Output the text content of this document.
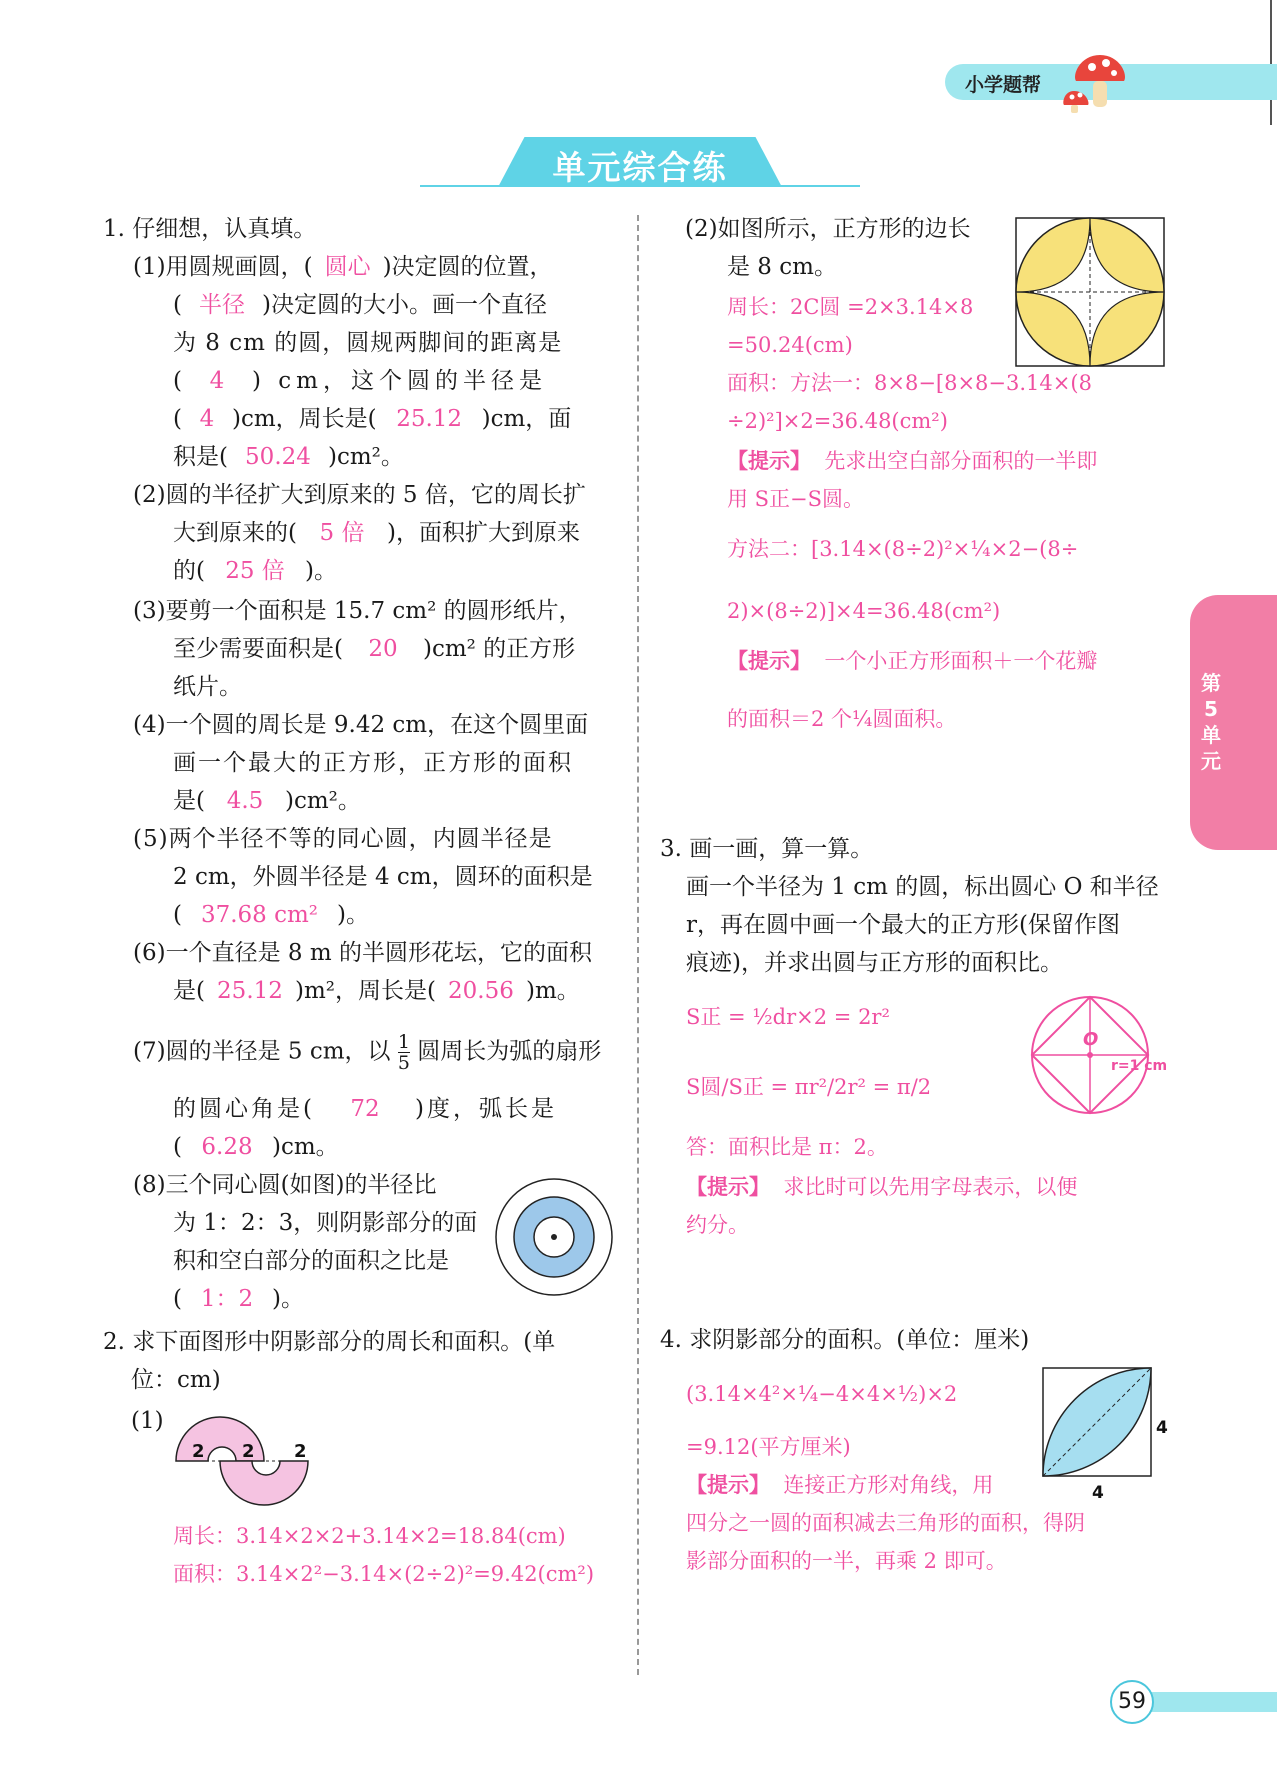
小学题帮
单元综合练
第5单元
1. 仔细想，认真填。
(1)用圆规画圆，( 圆心 )决定圆的位置，
( 半径 )决定圆的大小。画一个直径
为 8 cm 的圆，圆规两脚间的距离是
( 4 ) cm，这个圆的半径是
( 4 )cm，周长是( 25.12 )cm，面
积是( 50.24 )cm²。
(2)圆的半径扩大到原来的 5 倍，它的周长扩
大到原来的( 5 倍 )，面积扩大到原来
的( 25 倍 )。
(3)要剪一个面积是 15.7 cm² 的圆形纸片，
至少需要面积是( 20 )cm² 的正方形
纸片。
(4)一个圆的周长是 9.42 cm，在这个圆里面
画一个最大的正方形，正方形的面积
是( 4.5 )cm²。
(5)两个半径不等的同心圆，内圆半径是
2 cm，外圆半径是 4 cm，圆环的面积是
( 37.68 cm² )。
(6)一个直径是 8 m 的半圆形花坛，它的面积
是( 25.12 )m²，周长是( 20.56 )m。
(7)圆的半径是 5 cm，以 $\frac{1}{5}$ 圆周长为弧的扇形
的圆心角是( 72 )度，弧长是
( 6.28 )cm。
(8)三个同心圆(如图)的半径比
为 1：2：3，则阴影部分的面
积和空白部分的面积之比是
( 1：2 )。
2. 求下面图形中阴影部分的周长和面积。(单
位：cm)
(1)
2 2 2
周长：3.14×2×2+3.14×2=18.84(cm)
面积：3.14×2²−3.14×(2÷2)²=9.42(cm²)
(2)如图所示，正方形的边长
是 8 cm。
周长：2C圆 =2×3.14×8
=50.24(cm)
面积：方法一：8×8−[8×8−3.14×(8
÷2)²]×2=36.48(cm²)
【提示】 先求出空白部分面积的一半即
用 S正−S圆。
方法二：[3.14×(8÷2)²×¼×2−(8÷
2)×(8÷2)]×4=36.48(cm²)
【提示】 一个小正方形面积＋一个花瓣
的面积＝2 个¼圆面积。
3. 画一画，算一算。
画一个半径为 1 cm 的圆，标出圆心 O 和半径
r，再在圆中画一个最大的正方形(保留作图
痕迹)，并求出圆与正方形的面积比。
S正 = ½dr×2 = 2r²
S圆/S正 = πr²/2r² = π/2
答：面积比是 π：2。
【提示】 求比时可以先用字母表示，以便
约分。
O
r=1 cm
4. 求阴影部分的面积。(单位：厘米)
(3.14×4²×¼−4×4×½)×2
=9.12(平方厘米)
【提示】 连接正方形对角线，用
四分之一圆的面积减去三角形的面积，得阴
影部分面积的一半，再乘 2 即可。
4
4
59
